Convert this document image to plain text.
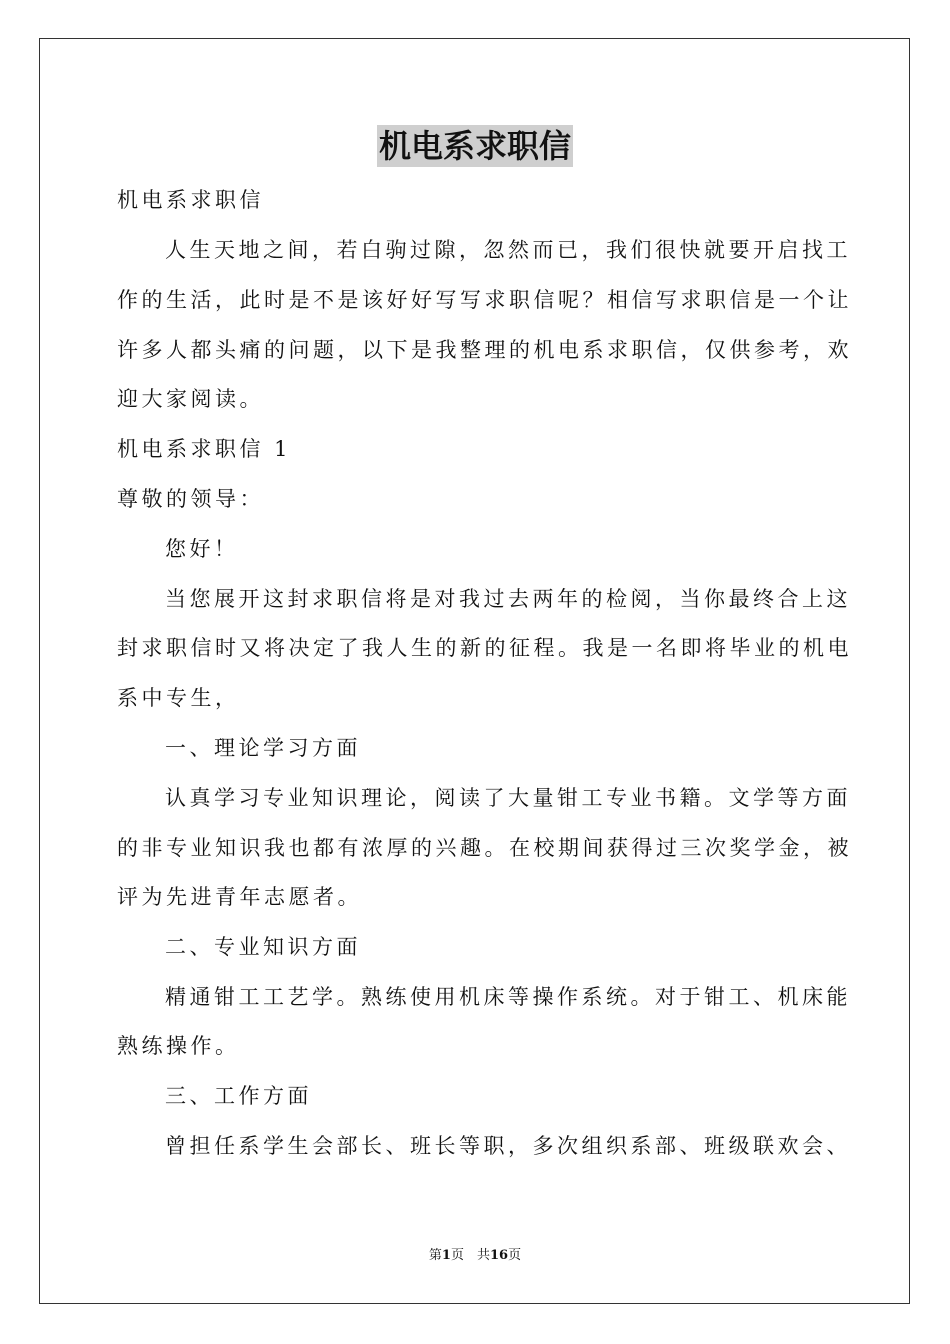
机电系求职信
机电系求职信
人生天地之间，若白驹过隙，忽然而已，我们很快就要开启找工
作的生活，此时是不是该好好写写求职信呢？相信写求职信是一个让
许多人都头痛的问题，以下是我整理的机电系求职信，仅供参考，欢
迎大家阅读。
机电系求职信 1
尊敬的领导：
您好！
当您展开这封求职信将是对我过去两年的检阅，当你最终合上这
封求职信时又将决定了我人生的新的征程。我是一名即将毕业的机电
系中专生，
一、理论学习方面
认真学习专业知识理论，阅读了大量钳工专业书籍。文学等方面
的非专业知识我也都有浓厚的兴趣。在校期间获得过三次奖学金，被
评为先进青年志愿者。
二、专业知识方面
精通钳工工艺学。熟练使用机床等操作系统。对于钳工、机床能
熟练操作。
三、工作方面
曾担任系学生会部长、班长等职，多次组织系部、班级联欢会、
第1页　共16页
